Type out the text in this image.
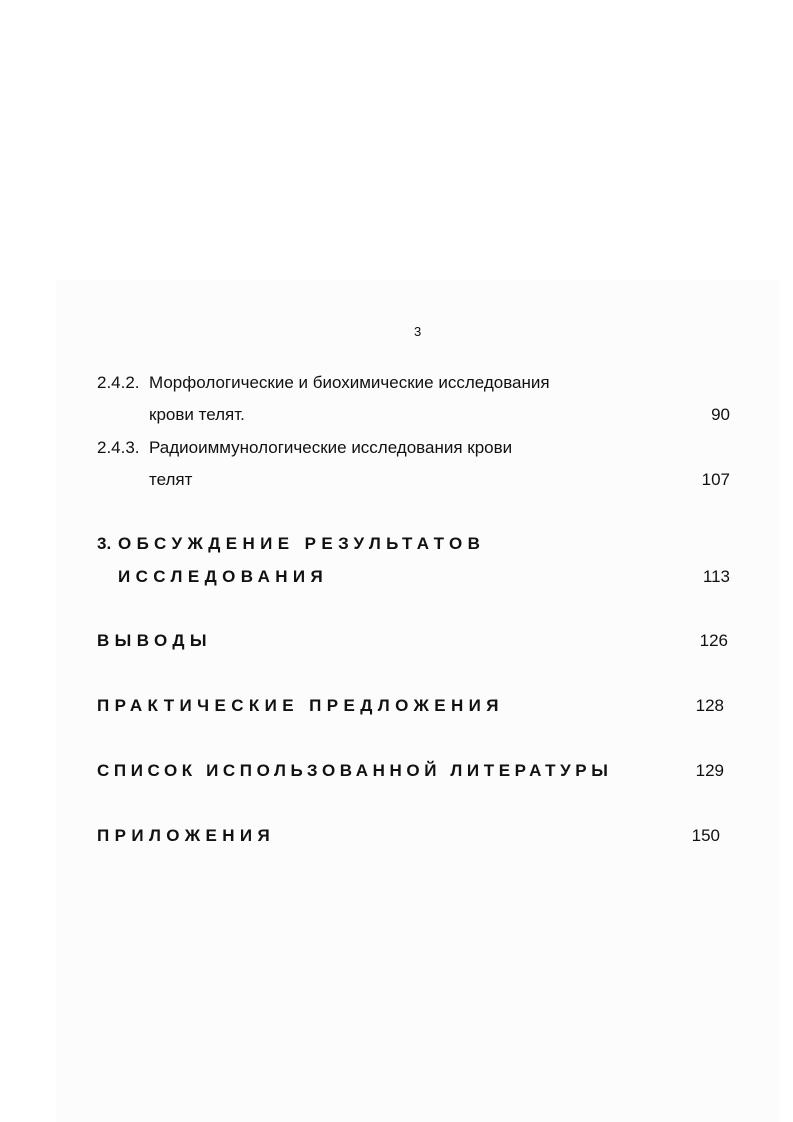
3
2.4.2. Морфологические и биохимические исследования
крови телят.	90
2.4.3. Радиоиммунологические исследования крови
телят	107
3. ОБСУЖДЕНИЕ РЕЗУЛЬТАТОВ
ИССЛЕДОВАНИЯ	113
ВЫВОДЫ	126
ПРАКТИЧЕСКИЕ ПРЕДЛОЖЕНИЯ	128
СПИСОК ИСПОЛЬЗОВАННОЙ ЛИТЕРАТУРЫ	129
ПРИЛОЖЕНИЯ	150
